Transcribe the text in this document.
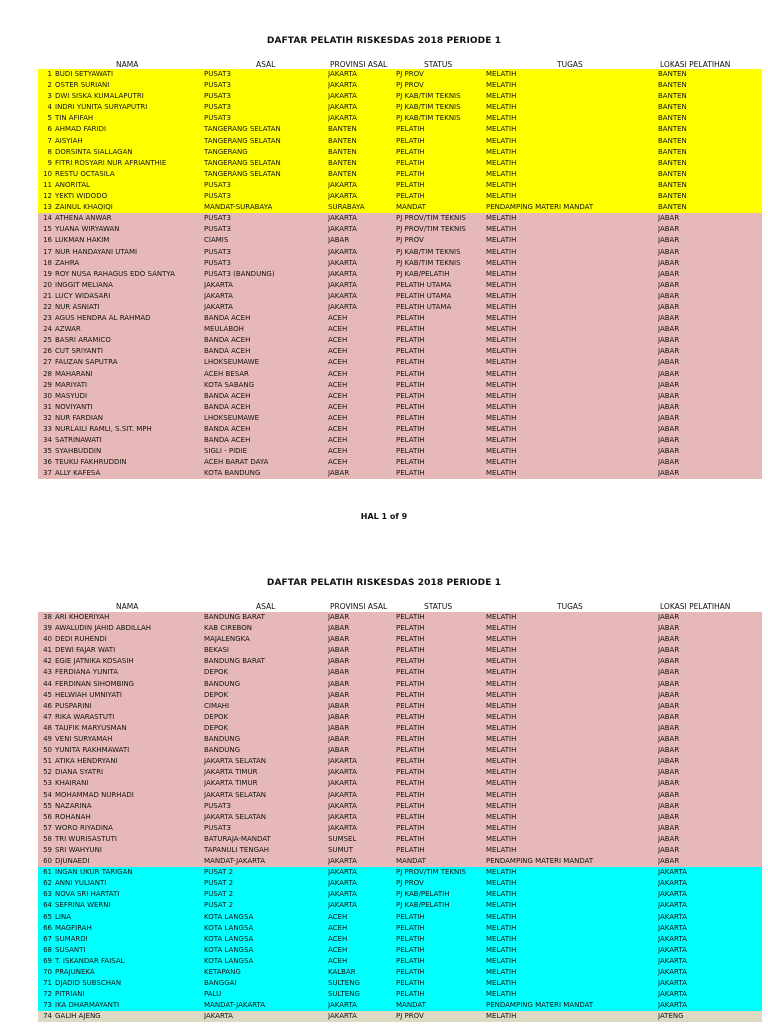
DAFTAR PELATIH RISKESDAS 2018 PERIODE 1
NAMA	ASAL	PROVINSI ASAL	STATUS	TUGAS	LOKASI PELATIHAN
1 BUDI SETYAWATI	PUSAT3	JAKARTA	PJ PROV	MELATIH	BANTEN
2 OSTER SURIANI	PUSAT3	JAKARTA	PJ PROV	MELATIH	BANTEN
3 DWI SISKA KUMALAPUTRI	PUSAT3	JAKARTA	PJ KAB/TIM TEKNIS	MELATIH	BANTEN
4 INDRI YUNITA SURYAPUTRI	PUSAT3	JAKARTA	PJ KAB/TIM TEKNIS	MELATIH	BANTEN
5 TIN AFIFAH	PUSAT3	JAKARTA	PJ KAB/TIM TEKNIS	MELATIH	BANTEN
6 AHMAD FARIDI	TANGERANG SELATAN	BANTEN	PELATIH	MELATIH	BANTEN
7 AISYIAH	TANGERANG SELATAN	BANTEN	PELATIH	MELATIH	BANTEN
8 DORSINTA SIALLAGAN	TANGERANG	BANTEN	PELATIH	MELATIH	BANTEN
9 FITRI ROSYARI NUR AFRIANTHIE	TANGERANG SELATAN	BANTEN	PELATIH	MELATIH	BANTEN
10 RESTU OCTASILA	TANGERANG SELATAN	BANTEN	PELATIH	MELATIH	BANTEN
11 ANORITAL	PUSAT3	JAKARTA	PELATIH	MELATIH	BANTEN
12 YEKTI WIDODO	PUSAT3	JAKARTA	PELATIH	MELATIH	BANTEN
13 ZAINUL KHAQIQI	MANDAT-SURABAYA	SURABAYA	MANDAT	PENDAMPING MATERI MANDAT	BANTEN
14 ATHENA ANWAR	PUSAT3	JAKARTA	PJ PROV/TIM TEKNIS	MELATIH	JABAR
15 YUANA WIRYAWAN	PUSAT3	JAKARTA	PJ PROV/TIM TEKNIS	MELATIH	JABAR
16 LUKMAN HAKIM	CIAMIS	JABAR	PJ PROV	MELATIH	JABAR
17 NUR HANDAYANI UTAMI	PUSAT3	JAKARTA	PJ KAB/TIM TEKNIS	MELATIH	JABAR
18 ZAHRA	PUSAT3	JAKARTA	PJ KAB/TIM TEKNIS	MELATIH	JABAR
19 ROY NUSA RAHAGUS EDO SANTYA	PUSAT3 (BANDUNG)	JAKARTA	PJ KAB/PELATIH	MELATIH	JABAR
20 INGGIT MELIANA	JAKARTA	JAKARTA	PELATIH UTAMA	MELATIH	JABAR
21 LUCY WIDASARI	JAKARTA	JAKARTA	PELATIH UTAMA	MELATIH	JABAR
22 NUR ASNIATI	JAKARTA	JAKARTA	PELATIH UTAMA	MELATIH	JABAR
23 AGUS HENDRA AL RAHMAD	BANDA ACEH	ACEH	PELATIH	MELATIH	JABAR
24 AZWAR	MEULABOH	ACEH	PELATIH	MELATIH	JABAR
25 BASRI ARAMICO	BANDA ACEH	ACEH	PELATIH	MELATIH	JABAR
26 CUT SRIYANTI	BANDA ACEH	ACEH	PELATIH	MELATIH	JABAR
27 FAUZAN SAPUTRA	LHOKSEUMAWE	ACEH	PELATIH	MELATIH	JABAR
28 MAHARANI	ACEH BESAR	ACEH	PELATIH	MELATIH	JABAR
29 MARIYATI	KOTA SABANG	ACEH	PELATIH	MELATIH	JABAR
30 MASYUDI	BANDA ACEH	ACEH	PELATIH	MELATIH	JABAR
31 NOVIYANTI	BANDA ACEH	ACEH	PELATIH	MELATIH	JABAR
32 NUR FARDIAN	LHOKSEUMAWE	ACEH	PELATIH	MELATIH	JABAR
33 NURLAILI RAMLI, S.SIT. MPH	BANDA ACEH	ACEH	PELATIH	MELATIH	JABAR
34 SATRINAWATI	BANDA ACEH	ACEH	PELATIH	MELATIH	JABAR
35 SYAHBUDDIN	SIGLI - PIDIE	ACEH	PELATIH	MELATIH	JABAR
36 TEUKU FAKHRUDDIN	ACEH BARAT DAYA	ACEH	PELATIH	MELATIH	JABAR
37 ALLY KAFESA	KOTA BANDUNG	JABAR	PELATIH	MELATIH	JABAR
HAL 1 of 9
DAFTAR PELATIH RISKESDAS 2018 PERIODE 1
NAMA	ASAL	PROVINSI ASAL	STATUS	TUGAS	LOKASI PELATIHAN
38 ARI KHOERIYAH	BANDUNG BARAT	JABAR	PELATIH	MELATIH	JABAR
39 AWALUDIN JAHID ABDILLAH	KAB CIREBON	JABAR	PELATIH	MELATIH	JABAR
40 DEDI RUHENDI	MAJALENGKA	JABAR	PELATIH	MELATIH	JABAR
41 DEWI FAJAR WATI	BEKASI	JABAR	PELATIH	MELATIH	JABAR
42 EGIE JATNIKA KOSASIH	BANDUNG BARAT	JABAR	PELATIH	MELATIH	JABAR
43 FERDIANA YUNITA	DEPOK	JABAR	PELATIH	MELATIH	JABAR
44 FERDINAN SIHOMBING	BANDUNG	JABAR	PELATIH	MELATIH	JABAR
45 HELWIAH UMNIYATI	DEPOK	JABAR	PELATIH	MELATIH	JABAR
46 PUSPARINI	CIMAHI	JABAR	PELATIH	MELATIH	JABAR
47 RIKA WARASTUTI	DEPOK	JABAR	PELATIH	MELATIH	JABAR
48 TAUFIK MARYUSMAN	DEPOK	JABAR	PELATIH	MELATIH	JABAR
49 VENI SURYAMAH	BANDUNG	JABAR	PELATIH	MELATIH	JABAR
50 YUNITA RAKHMAWATI	BANDUNG	JABAR	PELATIH	MELATIH	JABAR
51 ATIKA HENDRYANI	JAKARTA SELATAN	JAKARTA	PELATIH	MELATIH	JABAR
52 DIANA SYATRI	JAKARTA TIMUR	JAKARTA	PELATIH	MELATIH	JABAR
53 KHAIRANI	JAKARTA TIMUR	JAKARTA	PELATIH	MELATIH	JABAR
54 MOHAMMAD NURHADI	JAKARTA SELATAN	JAKARTA	PELATIH	MELATIH	JABAR
55 NAZARINA	PUSAT3	JAKARTA	PELATIH	MELATIH	JABAR
56 ROHANAH	JAKARTA SELATAN	JAKARTA	PELATIH	MELATIH	JABAR
57 WORO RIYADINA	PUSAT3	JAKARTA	PELATIH	MELATIH	JABAR
58 TRI WURISASTUTI	BATURAJA-MANDAT	SUMSEL	PELATIH	MELATIH	JABAR
59 SRI WAHYUNI	TAPANULI TENGAH	SUMUT	PELATIH	MELATIH	JABAR
60 DJUNAEDI	MANDAT-JAKARTA	JAKARTA	MANDAT	PENDAMPING MATERI MANDAT	JABAR
61 INGAN UKUR TARIGAN	PUSAT 2	JAKARTA	PJ PROV/TIM TEKNIS	MELATIH	JAKARTA
62 ANNI YULIANTI	PUSAT 2	JAKARTA	PJ PROV	MELATIH	JAKARTA
63 NOVA SRI HARTATI	PUSAT 2	JAKARTA	PJ KAB/PELATIH	MELATIH	JAKARTA
64 SEFRINA WERNI	PUSAT 2	JAKARTA	PJ KAB/PELATIH	MELATIH	JAKARTA
65 LINA	KOTA LANGSA	ACEH	PELATIH	MELATIH	JAKARTA
66 MAGFIRAH	KOTA LANGSA	ACEH	PELATIH	MELATIH	JAKARTA
67 SUMARDI	KOTA LANGSA	ACEH	PELATIH	MELATIH	JAKARTA
68 SUSANTI	KOTA LANGSA	ACEH	PELATIH	MELATIH	JAKARTA
69 T. ISKANDAR FAISAL	KOTA LANGSA	ACEH	PELATIH	MELATIH	JAKARTA
70 PRAJUNEKA	KETAPANG	KALBAR	PELATIH	MELATIH	JAKARTA
71 DJADID SUBSCHAN	BANGGAI	SULTENG	PELATIH	MELATIH	JAKARTA
72 PITRIANI	PALU	SULTENG	PELATIH	MELATIH	JAKARTA
73 IKA DHARMAYANTI	MANDAT-JAKARTA	JAKARTA	MANDAT	PENDAMPING MATERI MANDAT	JAKARTA
74 GALIH AJENG	JAKARTA	JAKARTA	PJ PROV	MELATIH	JATENG
